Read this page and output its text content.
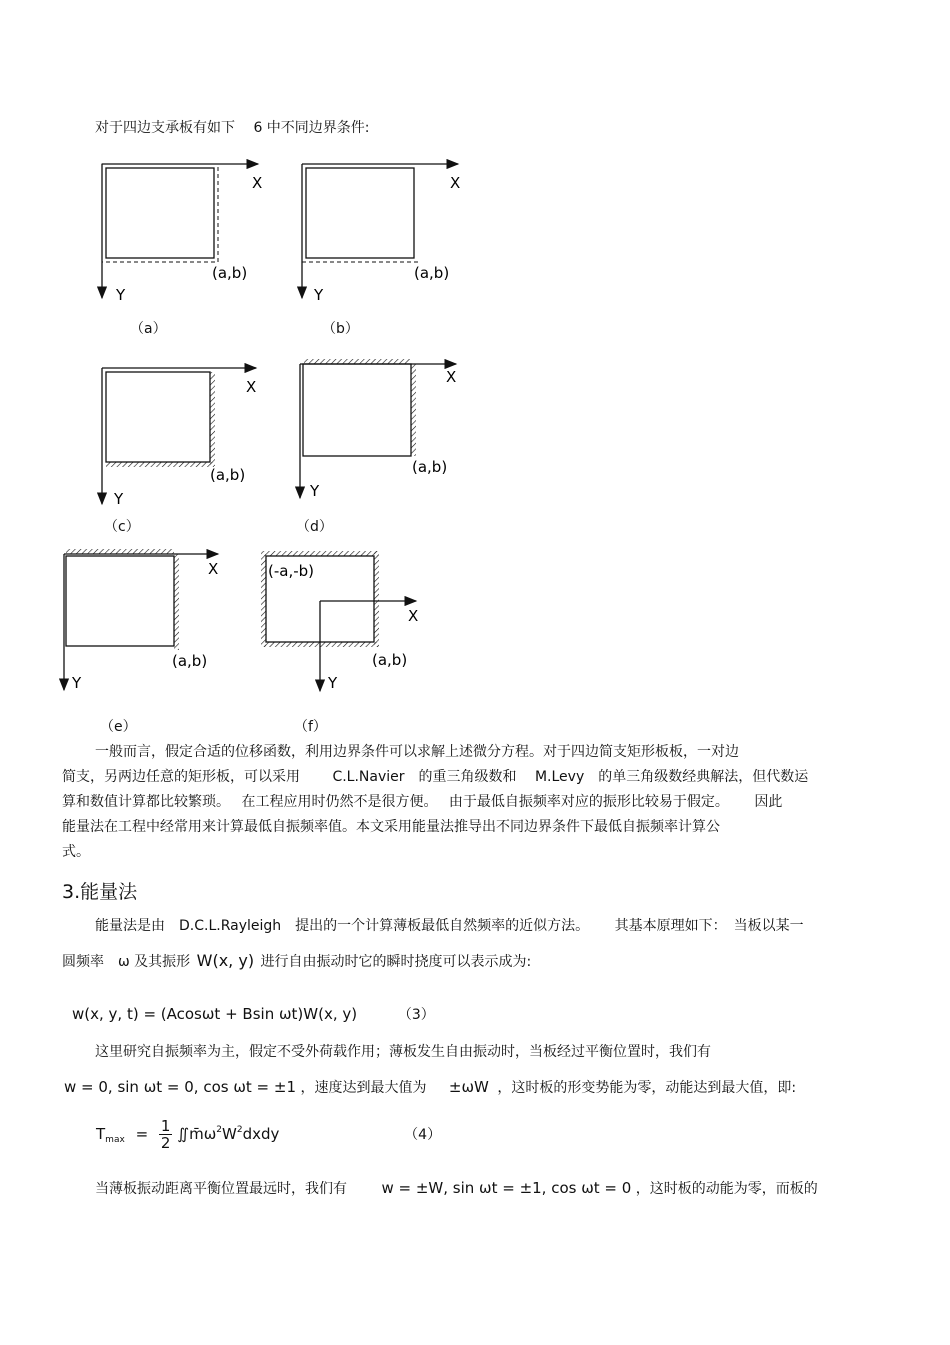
对于四边支承板有如下　 6 中不同边界条件:
X
Y
(a,b)
（a）
X
Y
(a,b)
（b）
X
Y
(a,b)
（c）
X
Y
(a,b)
（d）
X
Y
(a,b)
（e）
(-a,-b)
X
Y
(a,b)
（f）
一般而言，假定合适的位移函数，利用边界条件可以求解上述微分方程。对于四边简支矩形板板，一对边
简支，另两边任意的矩形板，可以采用　　 C.L.Navier　的重三角级数和　 M.Levy　的单三角级数经典解法，但代数运
算和数值计算都比较繁琐。　 在工程应用时仍然不是很方便。　 由于最低自振频率对应的振形比较易于假定。　　 因此
能量法在工程中经常用来计算最低自振频率值。本文采用能量法推导出不同边界条件下最低自振频率计算公
式。
3.能量法
能量法是由　D.C.L.Rayleigh　提出的一个计算薄板最低自然频率的近似方法。　　 其基本原理如下：　当板以某一
圆频率　ω 及其振形 W(x, y) 进行自由振动时它的瞬时挠度可以表示成为:
w(x, y, t) = (Acosωt + Bsin ωt)W(x, y)	（3）
这里研究自振频率为主，假定不受外荷载作用；薄板发生自由振动时，当板经过平衡位置时，我们有
w = 0, sin ωt = 0, cos ωt = ±1 ，速度达到最大值为 ±ωW ，这时板的形变势能为零，动能达到最大值，即:
$T_{max} = \frac{1}{2}$ $∬m̄\omega^2W^2dxdy$	（4）
当薄板振动距离平衡位置最远时，我们有 w = ±W, sin ωt = ±1, cos ωt = 0 ，这时板的动能为零，而板的
